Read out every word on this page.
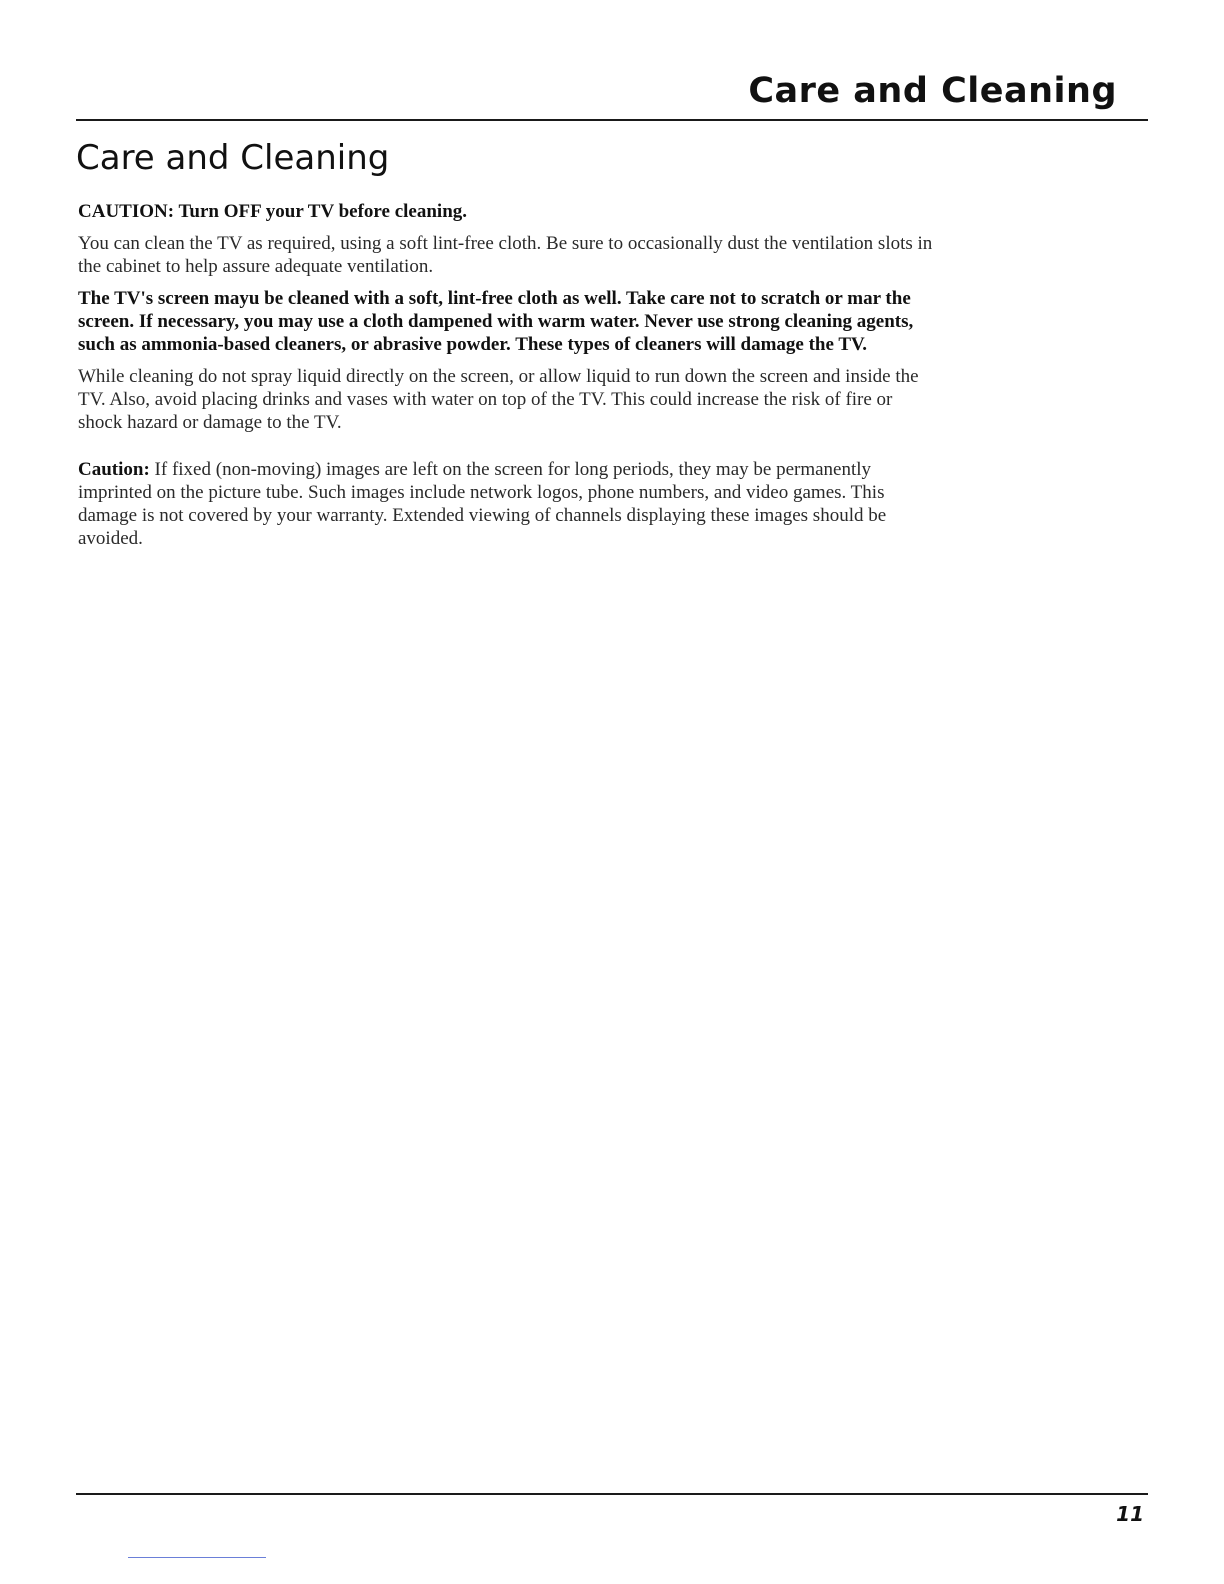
Care and Cleaning
Care and Cleaning

CAUTION: Turn OFF your TV before cleaning.

You can clean the TV as required, using a soft lint-free cloth. Be sure to occasionally dust the ventilation slots in the cabinet to help assure adequate ventilation.

The TV's screen mayu be cleaned with a soft, lint-free cloth as well. Take care not to scratch or mar the screen. If necessary, you may use a cloth dampened with warm water. Never use strong cleaning agents, such as ammonia-based cleaners, or abrasive powder. These types of cleaners will damage the TV.

While cleaning do not spray liquid directly on the screen, or allow liquid to run down the screen and inside the TV. Also, avoid placing drinks and vases with water on top of the TV. This could increase the risk of fire or shock hazard or damage to the TV.

Caution: If fixed (non-moving) images are left on the screen for long periods, they may be permanently imprinted on the picture tube. Such images include network logos, phone numbers, and video games. This damage is not covered by your warranty. Extended viewing of channels displaying these images should be avoided.

11
